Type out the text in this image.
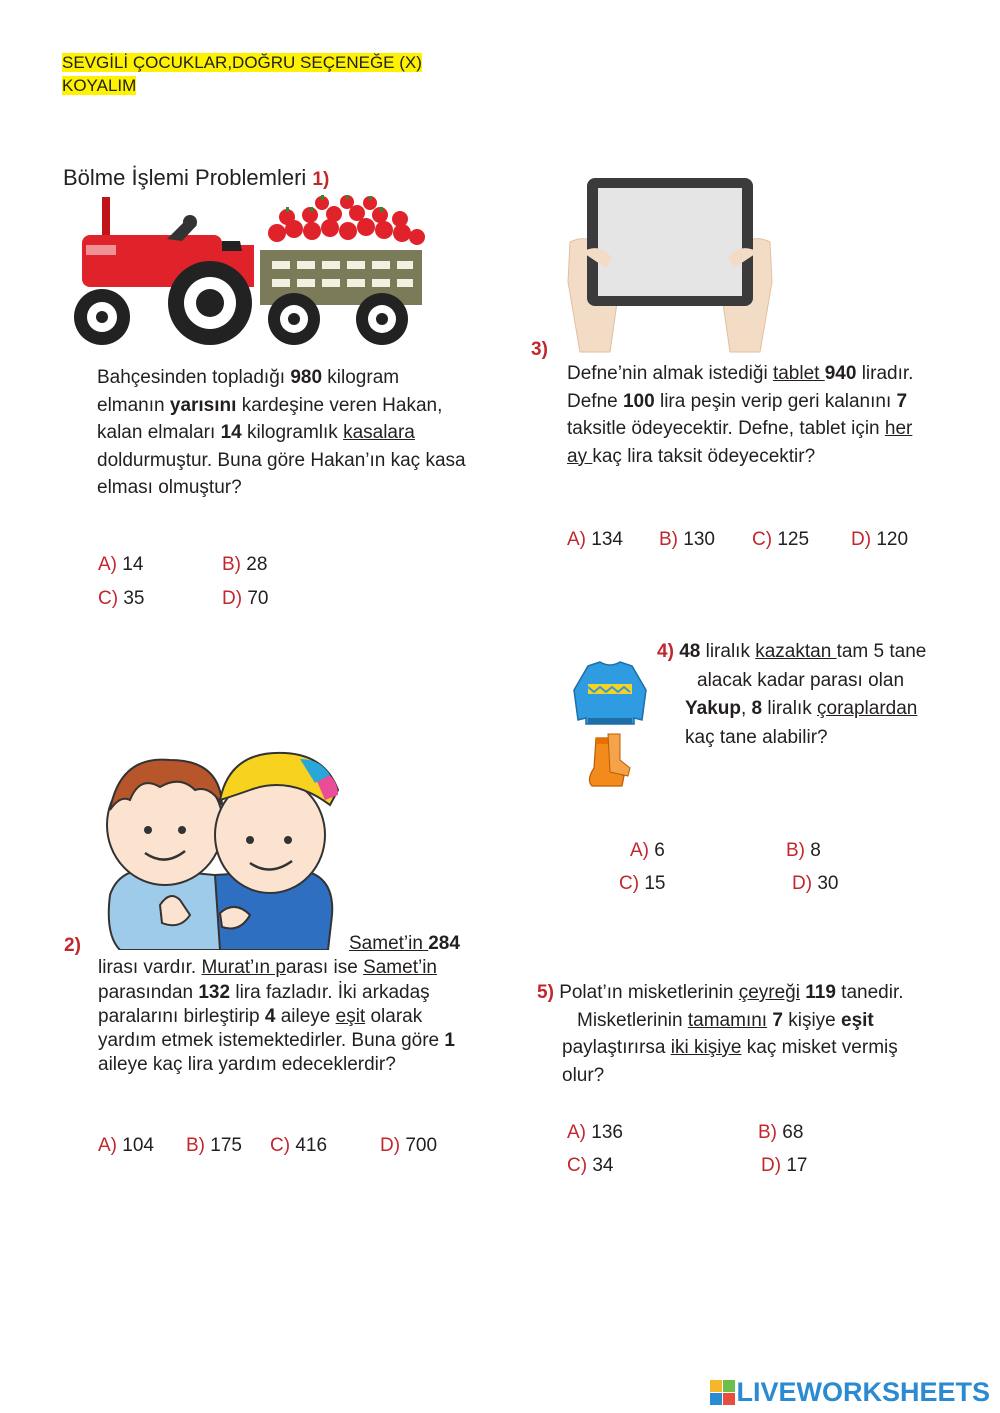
SEVGİLİ ÇOCUKLAR,DOĞRU SEÇENEĞE (X)
KOYALIM
Bölme İşlemi Problemleri 1)
Bahçesinden topladığı 980 kilogram
elmanın yarısını kardeşine veren Hakan,
kalan elmaları 14 kilogramlık kasalara
doldurmuştur. Buna göre Hakan’ın kaç kasa
elması olmuştur?
A) 14	B) 28
C) 35	D) 70
3)
Defne’nin almak istediği tablet 940 liradır.
Defne 100 lira peşin verip geri kalanını 7
taksitle ödeyecektir. Defne, tablet için her
ay kaç lira taksit ödeyecektir?
A) 134 B) 130 C) 125 D) 120
4) 48 liralık kazaktan tam 5 tane
alacak kadar parası olan
Yakup, 8 liralık çoraplardan
kaç tane alabilir?
A) 6	B) 8
C) 15	D) 30
2)	Samet’in 284
lirası vardır. Murat’ın parası ise Samet’in
parasından 132 lira fazladır. İki arkadaş
paralarını birleştirip 4 aileye eşit olarak
yardım etmek istemektedirler. Buna göre 1
aileye kaç lira yardım edeceklerdir?
A) 104 B) 175 C) 416	D) 700
5) Polat’ın misketlerinin çeyreği 119 tanedir.
Misketlerinin tamamını 7 kişiye eşit
paylaştırırsa iki kişiye kaç misket vermiş
olur?
A) 136	B) 68
C) 34	D) 17
LIVEWORKSHEETS
